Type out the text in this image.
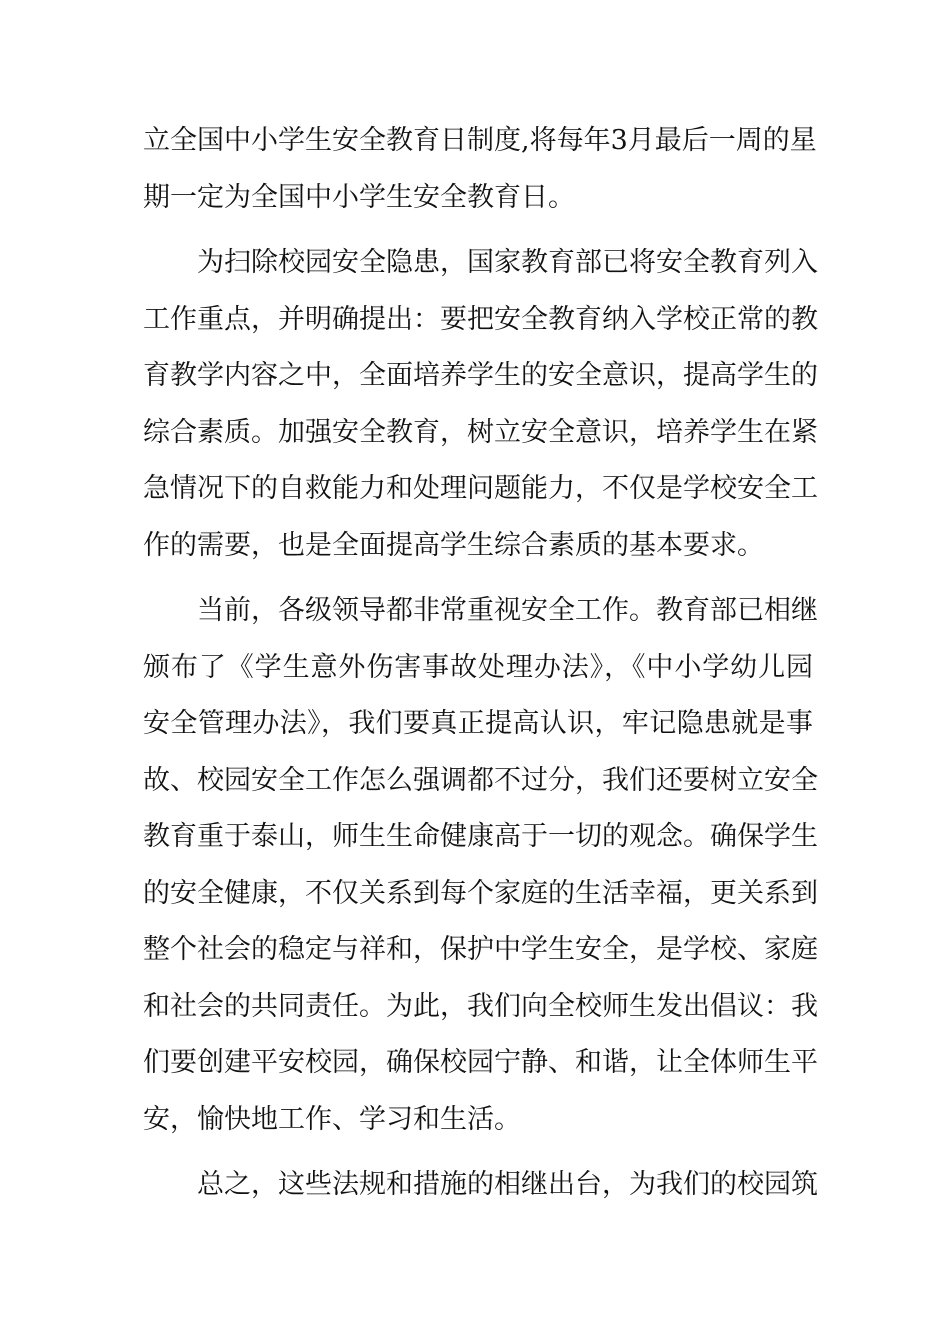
立全国中小学生安全教育日制度,将每年3月最后一周的星
期一定为全国中小学生安全教育日。
为扫除校园安全隐患，国家教育部已将安全教育列入
工作重点，并明确提出：要把安全教育纳入学校正常的教
育教学内容之中，全面培养学生的安全意识，提高学生的
综合素质。加强安全教育，树立安全意识，培养学生在紧
急情况下的自救能力和处理问题能力，不仅是学校安全工
作的需要，也是全面提高学生综合素质的基本要求。
当前，各级领导都非常重视安全工作。教育部已相继
颁布了《学生意外伤害事故处理办法》，《中小学幼儿园
安全管理办法》，我们要真正提高认识，牢记隐患就是事
故、校园安全工作怎么强调都不过分，我们还要树立安全
教育重于泰山，师生生命健康高于一切的观念。确保学生
的安全健康，不仅关系到每个家庭的生活幸福，更关系到
整个社会的稳定与祥和，保护中学生安全，是学校、家庭
和社会的共同责任。为此，我们向全校师生发出倡议：我
们要创建平安校园，确保校园宁静、和谐，让全体师生平
安，愉快地工作、学习和生活。
总之，这些法规和措施的相继出台，为我们的校园筑
